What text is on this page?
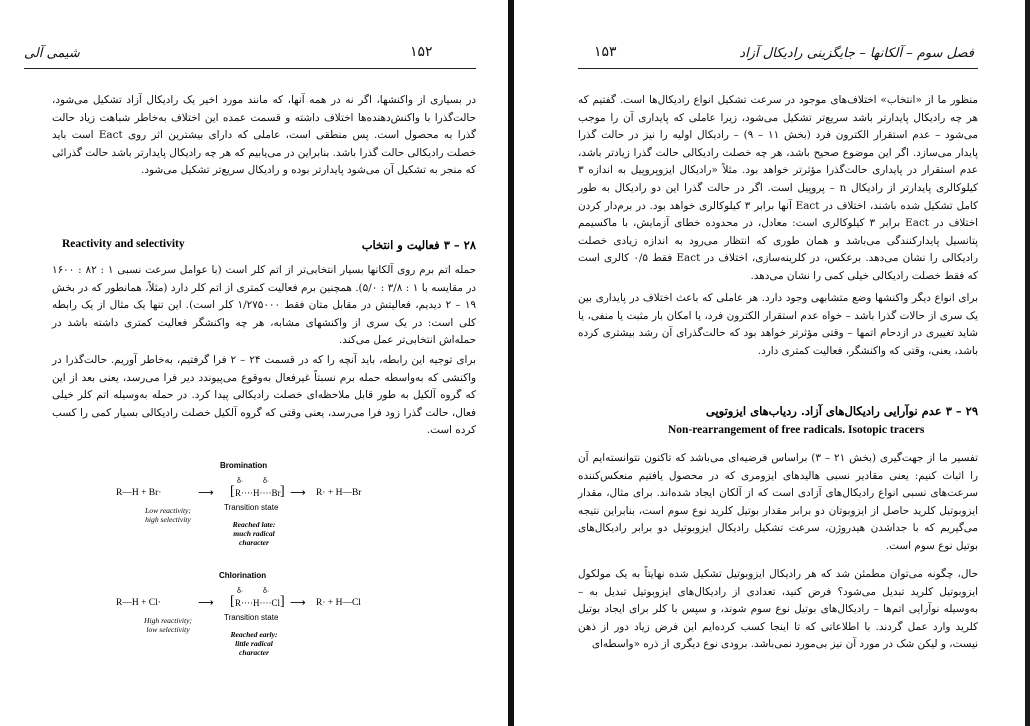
شیمی آلی	۱۵۲
در بسیاری از واکنشها، اگر نه در همه آنها، که مانند مورد اخیر یک رادیکال آزاد تشکیل می‌شود، حالت‌گذرا با واکنش‌دهنده‌ها اختلاف داشته و قسمت عمده این اختلاف به‌خاطر شباهت زیاد حالت گذرا به محصول است. پس منطقی است، عاملی که دارای بیشترین اثر روی Eact است باید خصلت رادیکالی حالت گذرا باشد. بنابراین در می‌یابیم که هر چه رادیکال پایدارتر باشد حالت گذرائی که منجر به تشکیل آن می‌شود پایدارتر بوده و رادیکال سریع‌تر تشکیل می‌شود.
۲۸ – ۳ فعالیت و انتخاب
Reactivity and selectivity
حمله اتم برم روی آلکانها بسیار انتخابی‌تر از اتم کلر است (با عوامل سرعت نسبی ۱ : ۸۲ : ۱۶۰۰ در مقایسه با ۱ : ۳/۸ : ۵/۰). همچنین برم فعالیت کمتری از اتم کلر دارد (مثلاً، همانطور که در بخش ۱۹ – ۲ دیدیم، فعالیتش در مقابل متان فقط ۱/۲۷۵۰۰۰ کلر است). این تنها یک مثال از یک رابطه کلی است: در یک سری از واکنشهای مشابه، هر چه واکنشگر فعالیت کمتری داشته باشد در حمله‌اش انتخابی‌تر عمل می‌کند.
برای توجیه این رابطه، باید آنچه را که در قسمت ۲۴ – ۲ فرا گرفتیم، به‌خاطر آوریم. حالت‌گذرا در واکنشی که به‌واسطه حمله برم نسبتاً غیرفعال به‌وقوع می‌پیوندد دیر فرا می‌رسد، یعنی بعد از این که گروه آلکیل به طور قابل ملاحظه‌ای خصلت رادیکالی پیدا کرد. در حمله به‌وسیله اتم کلر خیلی فعال، حالت گذرا زود فرا می‌رسد، یعنی وقتی که گروه آلکیل خصلت رادیکالی بسیار کمی را کسب کرده است.
Bromination
R—H + Br·	⟶ [
δ·	δ·
R····H····Br ] ⟶ R· + H—Br
Transition state
Low reactivity;
high selectivity
Reached late:
much radical
character
Chlorination
R—H + Cl·	⟶ [
δ·	δ·
R····H····Cl ] ⟶ R· + H—Cl
Transition state
High reactivity;
low selectivity
Reached early:
little radical
character
فصل سوم – آلکانها – جایگزینی رادیکال آزاد
۱۵۳
منظور ما از «انتخاب» اختلاف‌های موجود در سرعت تشکیل انواع رادیکال‌ها است. گفتیم که هر چه رادیکال پایدارتر باشد سریع‌تر تشکیل می‌شود، زیرا عاملی که پایداری آن را موجب می‌شود – عدم استقرار الکترون فرد (بخش ۱۱ – ۹) – رادیکال اولیه را نیز در حالت گذرا پایدار می‌سازد. اگر این موضوع صحیح باشد، هر چه خصلت رادیکالی حالت گذرا زیادتر باشد، عدم استقرار در پایداری حالت‌گذرا مؤثرتر خواهد بود. مثلاً «رادیکال ایزوپروپیل به اندازه ۳ کیلوکالری پایدارتر از رادیکال n – پروپیل است. اگر در حالت گذرا این دو رادیکال به طور کامل تشکیل شده باشند، اختلاف در Eact آنها برابر ۳ کیلوکالری خواهد بود. در برم‌دار کردن اختلاف در Eact برابر ۳ کیلوکالری است: معادل، در محدوده خطای آزمایش، با ماکسیمم پتانسیل پایدارکنندگی می‌باشد و همان طوری که انتظار می‌رود به اندازه زیادی خصلت رادیکالی را نشان می‌دهد. برعکس، در کلرینه‌سازی، اختلاف در Eact فقط ۰/۵ کالری است که فقط خصلت رادیکالی خیلی کمی را نشان می‌دهد.
برای انواع دیگر واکنشها وضع متشابهی وجود دارد. هر عاملی که باعث اختلاف در پایداری بین یک سری از حالات گذرا باشد – خواه عدم استقرار الکترون فرد، یا امکان بار مثبت یا منفی، یا شاید تغییری در ازدحام اتمها – وقتی مؤثرتر خواهد بود که حالت‌گذرای آن رشد بیشتری کرده باشد، یعنی، وقتی که واکنشگر، فعالیت کمتری دارد.
۲۹ – ۳ عدم نوآرایی رادیکال‌های آزاد. ردیاب‌های ایزوتوپی
Non-rearrangement of free radicals. Isotopic tracers
تفسیر ما از جهت‌گیری (بخش ۲۱ – ۳) براساس فرضیه‌ای می‌باشد که تاکنون نتوانسته‌ایم آن را اثبات کنیم: یعنی مقادیر نسبی هالیدهای ایزومری که در محصول یافتیم منعکس‌کننده سرعت‌های نسبی انواع رادیکال‌های آزادی است که از آلکان ایجاد شده‌اند. برای مثال، مقدار ایزوبوتیل کلرید حاصل از ایزوبوتان دو برابر مقدار بوتیل کلرید نوع سوم است، بنابراین نتیجه می‌گیریم که با جداشدن هیدروژن، سرعت تشکیل رادیکال ایزوبوتیل دو برابر رادیکال‌های بوتیل نوع سوم است.
حال، چگونه می‌توان مطمئن شد که هر رادیکال ایزوبوتیل تشکیل شده نهایتاً به یک مولکول ایزوبوتیل کلرید تبدیل می‌شود؟ فرض کنید، تعدادی از رادیکال‌های ایزوبوتیل تبدیل به – به‌وسیله نوآرایی اتم‌ها – رادیکال‌های بوتیل نوع سوم شوند، و سپس با کلر برای ایجاد بوتیل کلرید وارد عمل گردند. با اطلاعاتی که تا اینجا کسب کرده‌ایم این فرض زیاد دور از ذهن نیست، و لیکن شک در مورد آن نیز بی‌مورد نمی‌باشد. برودی نوع دیگری از ذره «واسطه‌ای
